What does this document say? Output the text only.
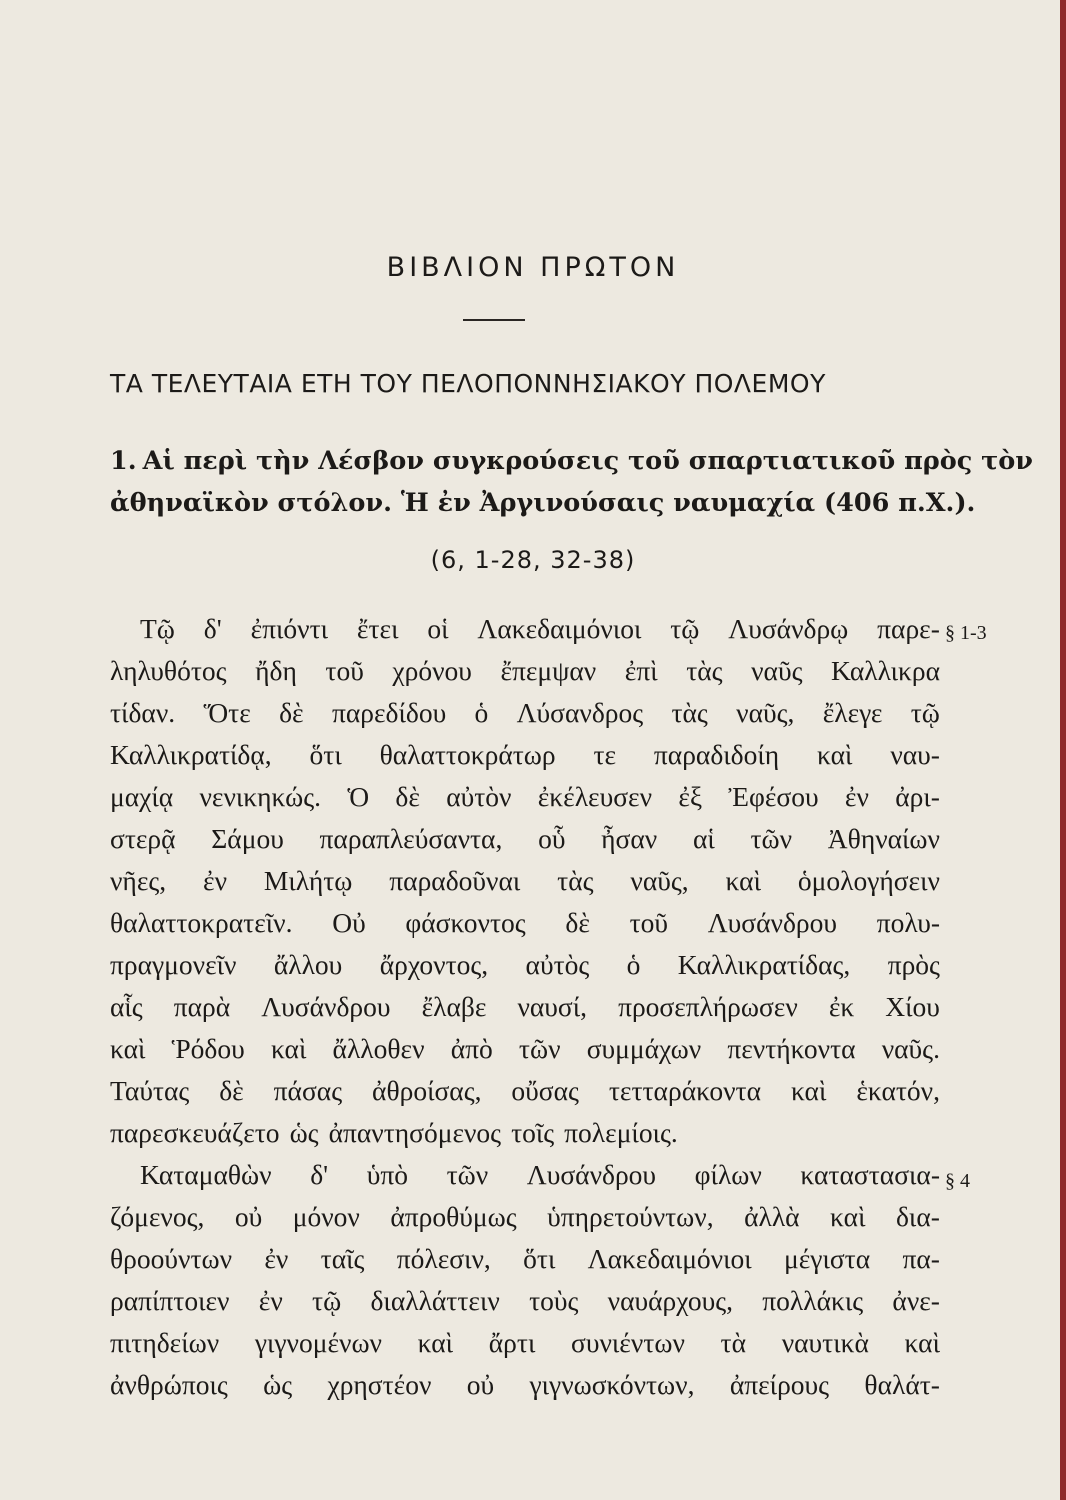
ΒΙΒΛΙΟΝ ΠΡΩΤΟΝ
ΤΑ ΤΕΛΕΥΤΑΙΑ ΕΤΗ ΤΟΥ ΠΕΛΟΠΟΝΝΗΣΙΑΚΟΥ ΠΟΛΕΜΟΥ
1. Αἱ περὶ τὴν Λέσβον συγκρούσεις τοῦ σπαρτιατικοῦ πρὸς τὸν
ἀθηναϊκὸν στόλον. Ἡ ἐν Ἀργινούσαις ναυμαχία (406 π.Χ.).
(6, 1-28, 32-38)
Τῷ δ' ἐπιόντι ἔτει οἱ Λακεδαιμόνιοι τῷ Λυσάνδρῳ παρε-
ληλυθότος ἤδη τοῦ χρόνου ἔπεμψαν ἐπὶ τὰς ναῦς Καλλικρα
τίδαν. Ὅτε δὲ παρεδίδου ὁ Λύσανδρος τὰς ναῦς, ἔλεγε τῷ
Καλλικρατίδᾳ, ὅτι θαλαττοκράτωρ τε παραδιδοίη καὶ ναυ-
μαχίᾳ νενικηκώς. Ὁ δὲ αὐτὸν ἐκέλευσεν ἐξ Ἐφέσου ἐν ἀρι-
στερᾷ Σάμου παραπλεύσαντα, οὗ ἦσαν αἱ τῶν Ἀθηναίων
νῆες, ἐν Μιλήτῳ παραδοῦναι τὰς ναῦς, καὶ ὁμολογήσειν
θαλαττοκρατεῖν. Οὐ φάσκοντος δὲ τοῦ Λυσάνδρου πολυ-
πραγμονεῖν ἄλλου ἄρχοντος, αὐτὸς ὁ Καλλικρατίδας, πρὸς
αἷς παρὰ Λυσάνδρου ἔλαβε ναυσί, προσεπλήρωσεν ἐκ Χίου
καὶ Ῥόδου καὶ ἄλλοθεν ἀπὸ τῶν συμμάχων πεντήκοντα ναῦς.
Ταύτας δὲ πάσας ἀθροίσας, οὔσας τετταράκοντα καὶ ἑκατόν,
παρεσκευάζετο ὡς ἀπαντησόμενος τοῖς πολεμίοις.
Καταμαθὼν δ' ὑπὸ τῶν Λυσάνδρου φίλων καταστασια-
ζόμενος, οὐ μόνον ἀπροθύμως ὑπηρετούντων, ἀλλὰ καὶ δια-
θροούντων ἐν ταῖς πόλεσιν, ὅτι Λακεδαιμόνιοι μέγιστα πα-
ραπίπτοιεν ἐν τῷ διαλλάττειν τοὺς ναυάρχους, πολλάκις ἀνε-
πιτηδείων γιγνομένων καὶ ἄρτι συνιέντων τὰ ναυτικὰ καὶ
ἀνθρώποις ὡς χρηστέον οὐ γιγνωσκόντων, ἀπείρους θαλάτ-
§ 1-3
§ 4
